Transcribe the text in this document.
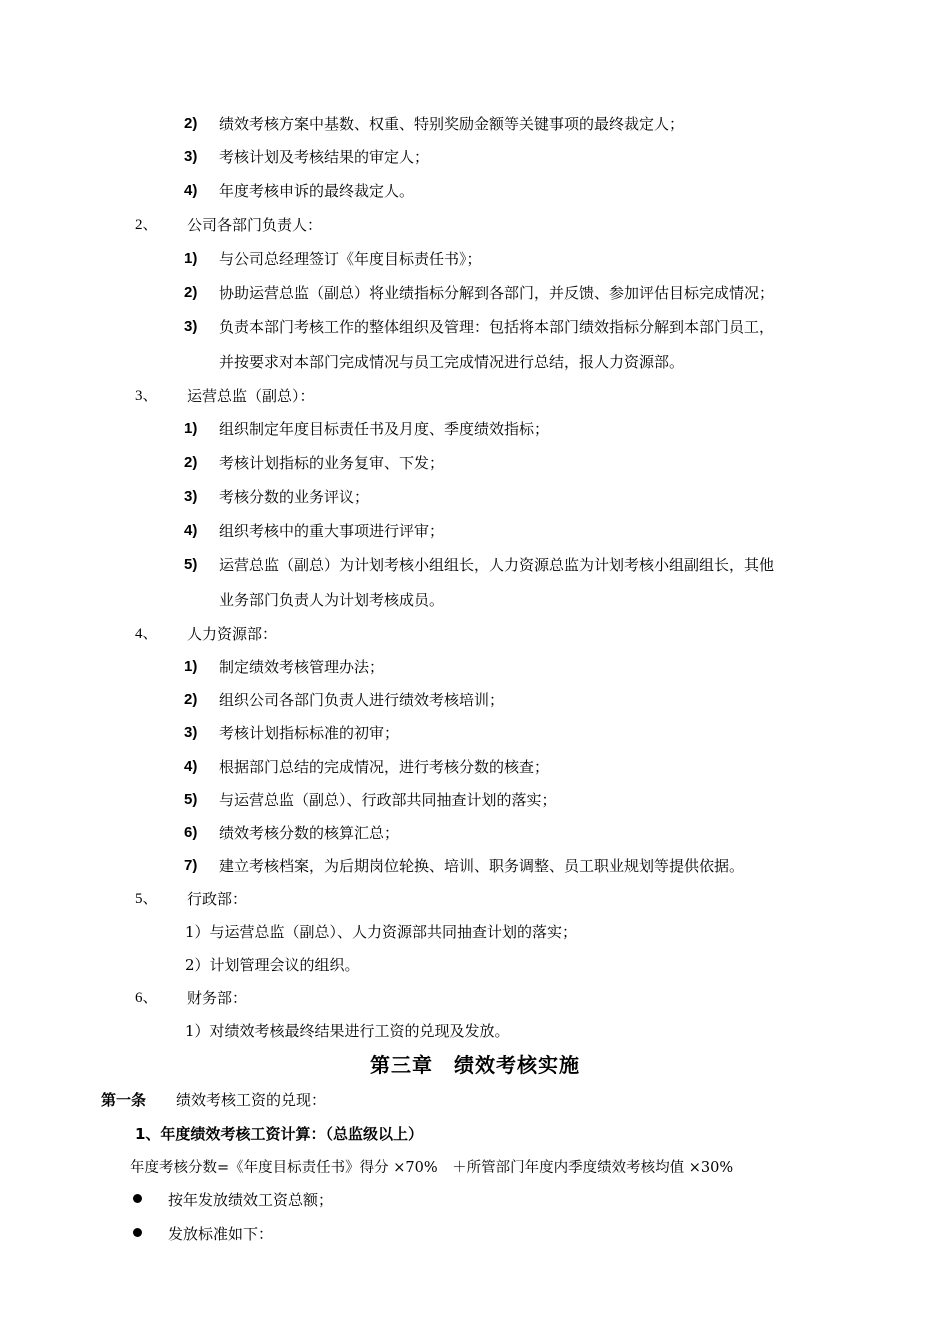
2) 绩效考核方案中基数、权重、特别奖励金额等关键事项的最终裁定人；
3) 考核计划及考核结果的审定人；
4) 年度考核申诉的最终裁定人。
2、 公司各部门负责人：
1) 与公司总经理签订《年度目标责任书》；
2) 协助运营总监（副总）将业绩指标分解到各部门，并反馈、参加评估目标完成情况；
3) 负责本部门考核工作的整体组织及管理：包括将本部门绩效指标分解到本部门员工，
并按要求对本部门完成情况与员工完成情况进行总结，报人力资源部。
3、 运营总监（副总）：
1) 组织制定年度目标责任书及月度、季度绩效指标；
2) 考核计划指标的业务复审、下发；
3) 考核分数的业务评议；
4) 组织考核中的重大事项进行评审；
5) 运营总监（副总）为计划考核小组组长，人力资源总监为计划考核小组副组长，其他
业务部门负责人为计划考核成员。
4、 人力资源部：
1) 制定绩效考核管理办法；
2) 组织公司各部门负责人进行绩效考核培训；
3) 考核计划指标标准的初审；
4) 根据部门总结的完成情况，进行考核分数的核查；
5) 与运营总监（副总）、行政部共同抽查计划的落实；
6) 绩效考核分数的核算汇总；
7) 建立考核档案，为后期岗位轮换、培训、职务调整、员工职业规划等提供依据。
5、 行政部：
1）与运营总监（副总）、人力资源部共同抽查计划的落实；
2）计划管理会议的组织。
6、 财务部：
1）对绩效考核最终结果进行工资的兑现及发放。
第三章　绩效考核实施
第一条 绩效考核工资的兑现：
1、年度绩效考核工资计算：（总监级以上）
年度考核分数=《年度目标责任书》得分 ×70%　＋所管部门年度内季度绩效考核均值 ×30%
按年发放绩效工资总额；
发放标准如下：
